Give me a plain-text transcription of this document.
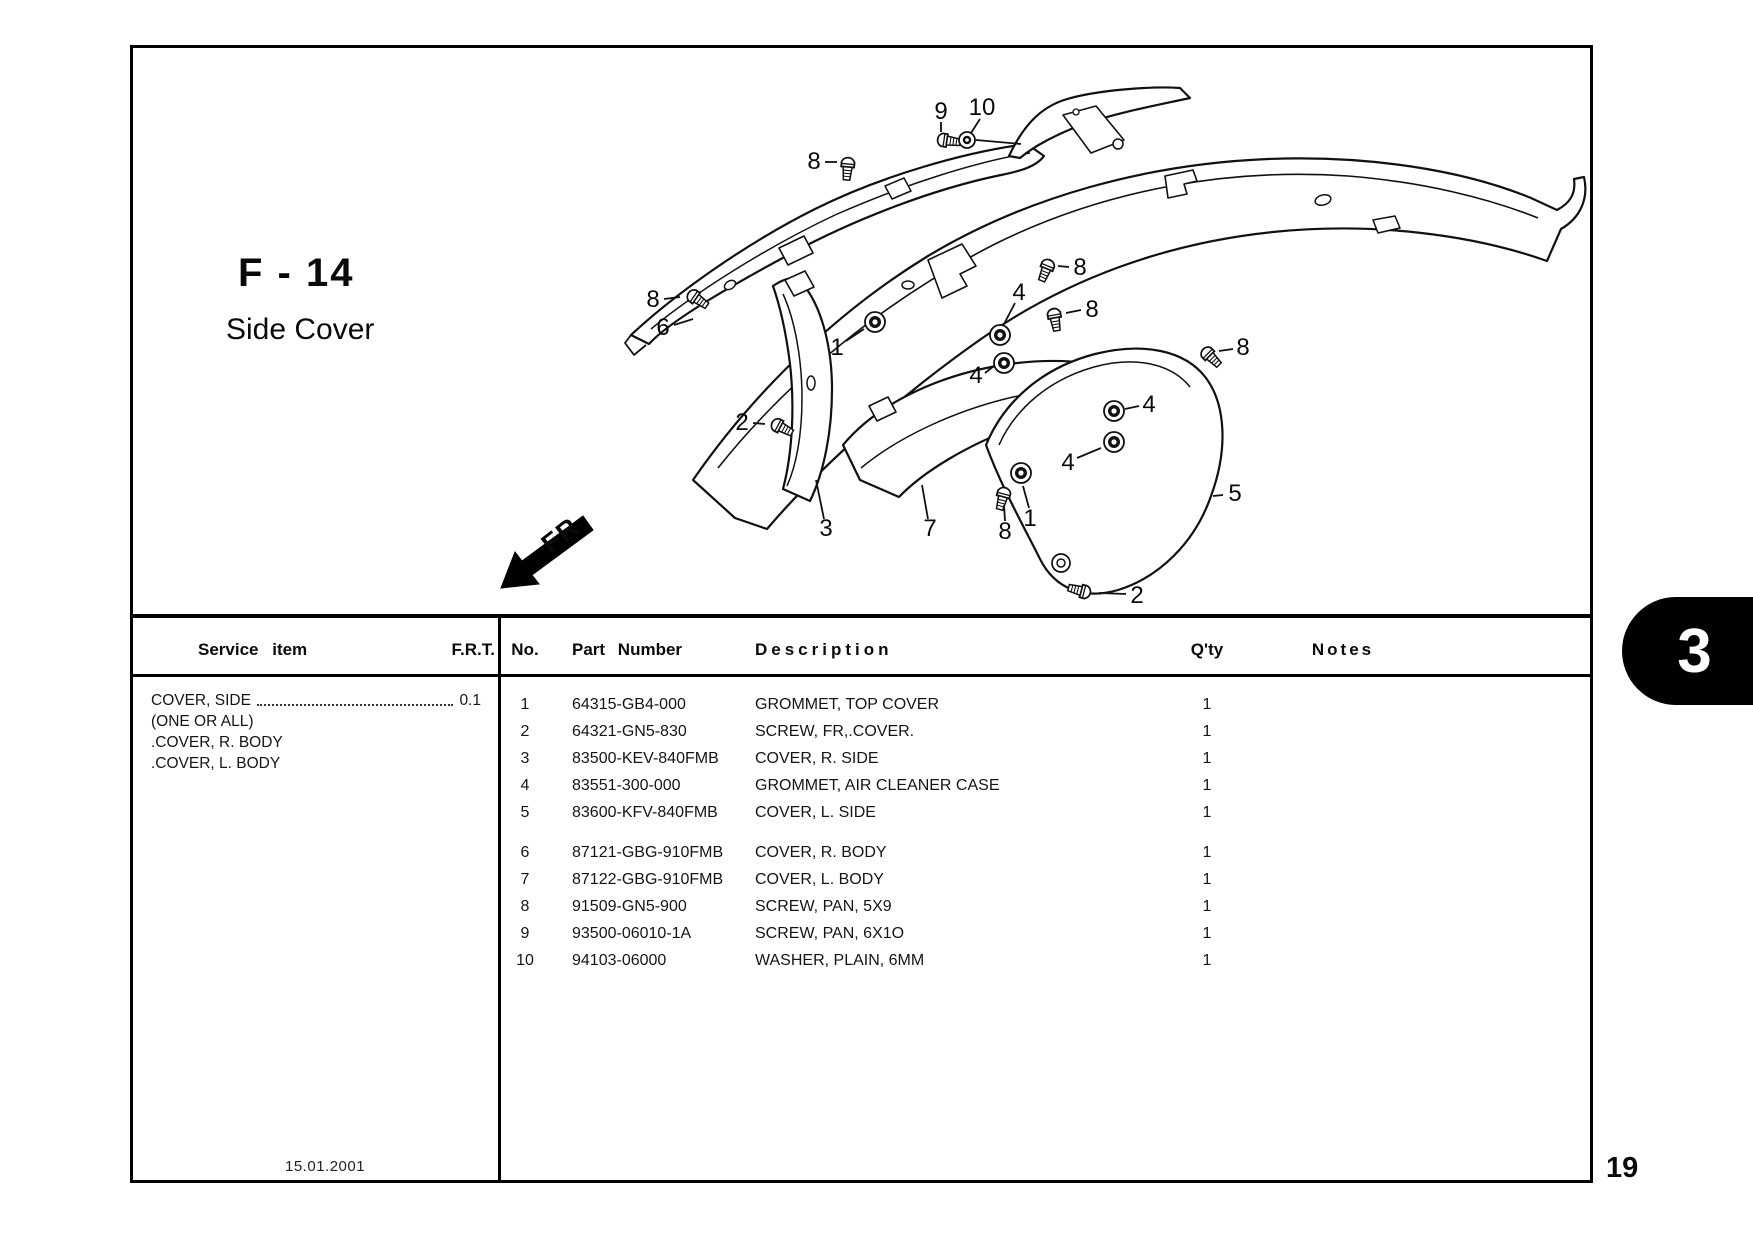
F - 14
Side Cover
FR
9 10
8
8
8
8
8
8
6
1
1
2
2
3	7
5
4
4
4
4
Service item	F.R.T. No.	Part Number	Description	Q'ty	Notes
COVER, SIDE	0.1
(ONE OR ALL)
.COVER, R. BODY
.COVER, L. BODY
1	64315-GB4-000	GROMMET, TOP COVER	1
2	64321-GN5-830	SCREW, FR,.COVER.	1
3	83500-KEV-840FMB COVER, R. SIDE	1
4	83551-300-000	GROMMET, AIR CLEANER CASE	1
5	83600-KFV-840FMB COVER, L. SIDE	1
6	87121-GBG-910FMB COVER, R. BODY	1
7	87122-GBG-910FMB COVER, L. BODY	1
8	91509-GN5-900	SCREW, PAN, 5X9	1
9	93500-06010-1A	SCREW, PAN, 6X1O	1
10	94103-06000	WASHER, PLAIN, 6MM	1
15.01.2001
3
19
